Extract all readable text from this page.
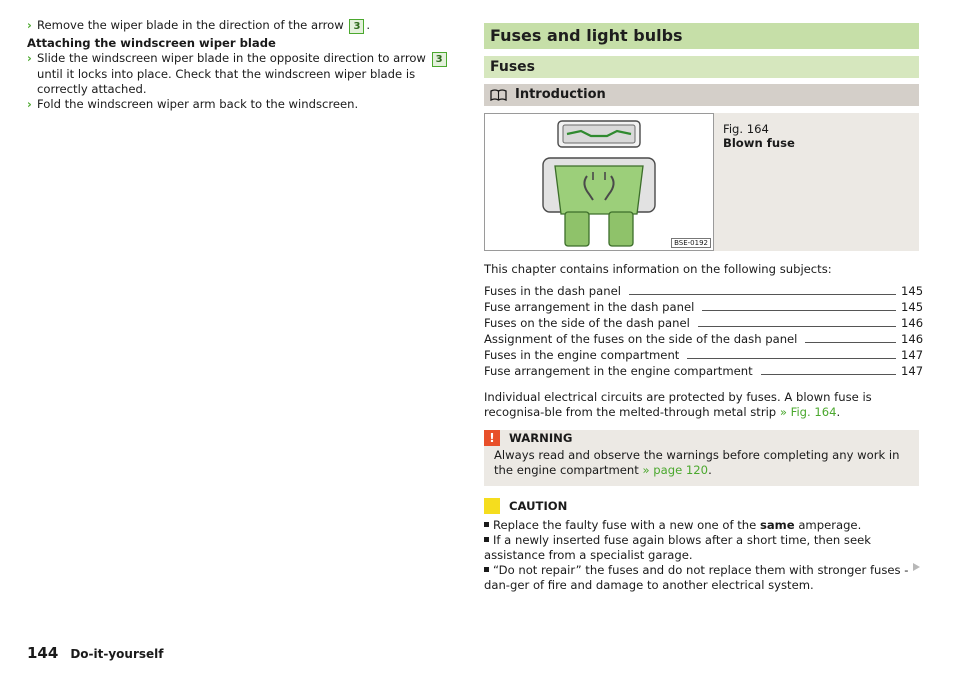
› Remove the wiper blade in the direction of the arrow 3 .
Attaching the windscreen wiper blade
› Slide the windscreen wiper blade in the opposite direction to arrow 3 until it locks into place. Check that the windscreen wiper blade is correctly attached.
› Fold the windscreen wiper arm back to the windscreen.
Fuses and light bulbs
Fuses
Introduction
BSE-0192
Fig. 164
Blown fuse
This chapter contains information on the following subjects:
Fuses in the dash panel	145
Fuse arrangement in the dash panel	145
Fuses on the side of the dash panel	146
Assignment of the fuses on the side of the dash panel	146
Fuses in the engine compartment	147
Fuse arrangement in the engine compartment	147
Individual electrical circuits are protected by fuses. A blown fuse is recognisa-ble from the melted-through metal strip » Fig. 164.
!	WARNING
Always read and observe the warnings before completing any work in the engine compartment » page 120.
CAUTION
Replace the faulty fuse with a new one of the same amperage.
If a newly inserted fuse again blows after a short time, then seek assistance from a specialist garage.
“Do not repair” the fuses and do not replace them with stronger fuses - dan-ger of fire and damage to another electrical system.
144 Do-it-yourself
